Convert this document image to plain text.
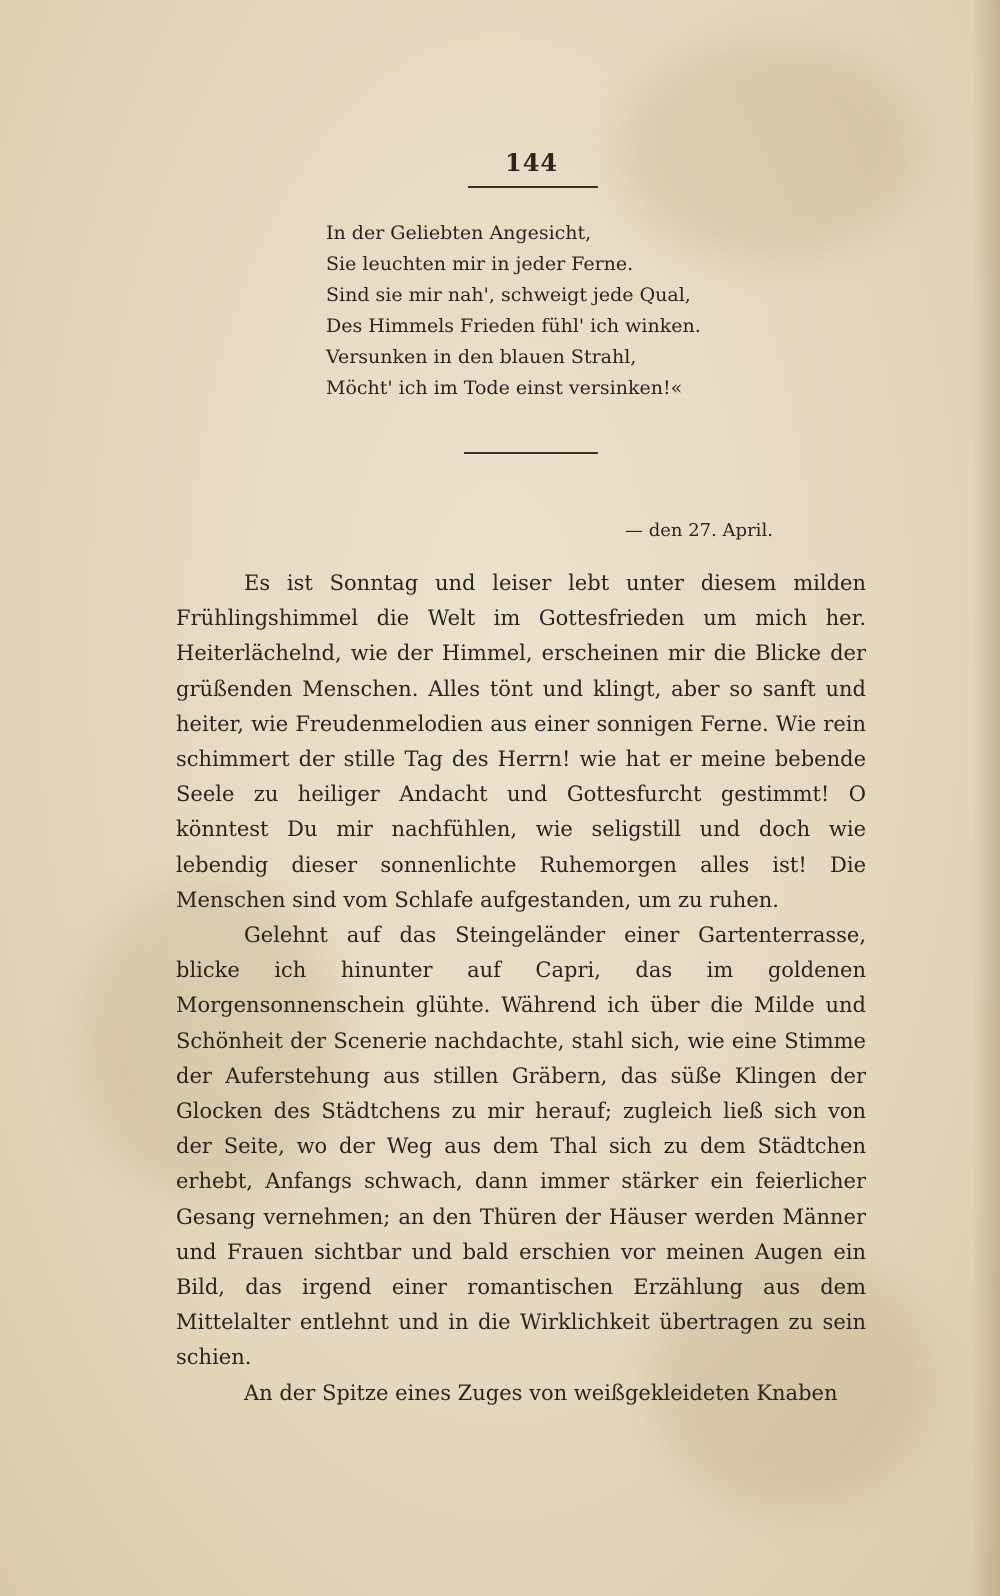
144
In der Geliebten Angesicht,
Sie leuchten mir in jeder Ferne.
Sind sie mir nah', schweigt jede Qual,
Des Himmels Frieden fühl' ich winken.
Versunken in den blauen Strahl,
Möcht' ich im Tode einst versinken!«
— den 27. April.

Es ist Sonntag und leiser lebt unter diesem milden Frühlingshimmel die Welt im Gottesfrieden um mich her. Heiterlächelnd, wie der Himmel, erscheinen mir die Blicke der grüßenden Menschen. Alles tönt und klingt, aber so sanft und heiter, wie Freudenmelodien aus einer sonnigen Ferne. Wie rein schimmert der stille Tag des Herrn! wie hat er meine bebende Seele zu heiliger Andacht und Gottesfurcht gestimmt! O könntest Du mir nachfühlen, wie seligstill und doch wie lebendig dieser sonnenlichte Ruhemorgen alles ist! Die Menschen sind vom Schlafe aufgestanden, um zu ruhen.

Gelehnt auf das Steingeländer einer Gartenterrasse, blicke ich hinunter auf Capri, das im goldenen Morgensonnenschein glühte. Während ich über die Milde und Schönheit der Scenerie nachdachte, stahl sich, wie eine Stimme der Auferstehung aus stillen Gräbern, das süße Klingen der Glocken des Städtchens zu mir herauf; zugleich ließ sich von der Seite, wo der Weg aus dem Thal sich zu dem Städtchen erhebt, Anfangs schwach, dann immer stärker ein feierlicher Gesang vernehmen; an den Thüren der Häuser werden Männer und Frauen sichtbar und bald erschien vor meinen Augen ein Bild, das irgend einer romantischen Erzählung aus dem Mittelalter entlehnt und in die Wirklichkeit übertragen zu sein schien.

An der Spitze eines Zuges von weißgekleideten Knaben
